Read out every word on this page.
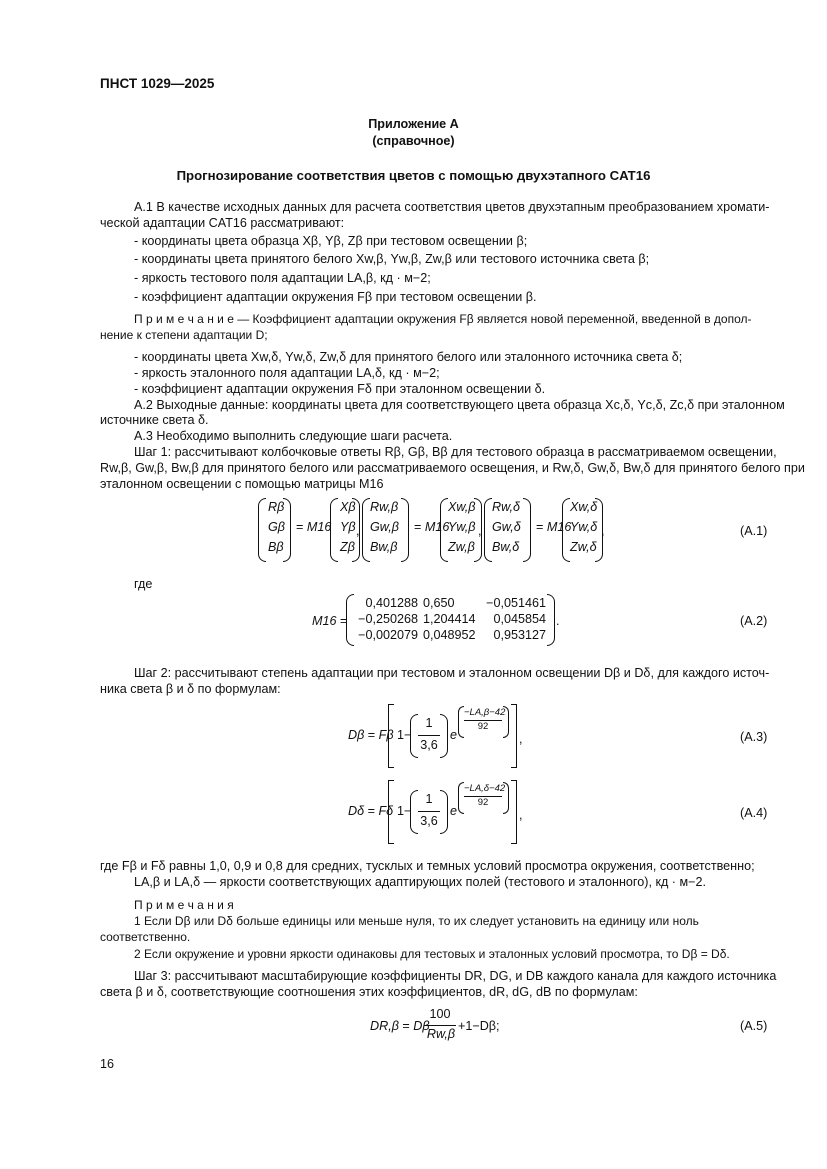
ПНСТ 1029—2025
Приложение А
(справочное)
Прогнозирование соответствия цветов с помощью двухэтапного CAT16
А.1 В качестве исходных данных для расчета соответствия цветов двухэтапным преобразованием хромати-
ческой адаптации CAT16 рассматривают:
- координаты цвета образца Xβ, Yβ, Zβ при тестовом освещении β;
- координаты цвета принятого белого Xw,β, Yw,β, Zw,β или тестового источника света β;
- яркость тестового поля адаптации LA,β, кд · м−2;
- коэффициент адаптации окружения Fβ при тестовом освещении β.
П р и м е ч а н и е — Коэффициент адаптации окружения Fβ является новой переменной, введенной в допол-
нение к степени адаптации D;
- координаты цвета Xw,δ, Yw,δ, Zw,δ для принятого белого или эталонного источника света δ;
- яркость эталонного поля адаптации LA,δ, кд · м−2;
- коэффициент адаптации окружения Fδ при эталонном освещении δ.
А.2 Выходные данные: координаты цвета для соответствующего цвета образца Xc,δ, Yc,δ, Zc,δ при эталонном
источнике света δ.
А.3 Необходимо выполнить следующие шаги расчета.
Шаг 1: рассчитывают колбочковые ответы Rβ, Gβ, Bβ для тестового образца в рассматриваемом освещении,
Rw,β, Gw,β, Bw,β для принятого белого или рассматриваемого освещения, и Rw,δ, Gw,δ, Bw,δ для принятого белого при
эталонном освещении с помощью матрицы M16
Rβ
Gβ
Bβ
= M16
Xβ
Yβ
Zβ
,
Rw,β
Gw,β
Bw,β
= M16
Xw,β
Yw,β
Zw,β
,
Rw,δ
Gw,δ
Bw,δ
= M16
Xw,δ
Yw,δ
Zw,δ
,	(A.1)
где
M16 =
0,401288 0,650	−0,051461
−0,250268 1,204414	0,045854
−0,002079 0,048952	0,953127
.	(A.2)
Шаг 2: рассчитывают степень адаптации при тестовом и эталонном освещении Dβ и Dδ, для каждого источ-
ника света β и δ по формулам:
Dβ = Fβ 1−
1
3,6
e
−LA,β−42
92
,	(A.3)
Dδ = Fδ 1−
1
3,6
e
−LA,δ−42
92
,	(A.4)
где Fβ и Fδ равны 1,0, 0,9 и 0,8 для средних, тусклых и темных условий просмотра окружения, соответственно;
LA,β и LA,δ — яркости соответствующих адаптирующих полей (тестового и эталонного), кд · м−2.
П р и м е ч а н и я
1 Если Dβ или Dδ больше единицы или меньше нуля, то их следует установить на единицу или ноль
соответственно.
2 Если окружение и уровни яркости одинаковы для тестовых и эталонных условий просмотра, то Dβ = Dδ.
Шаг 3: рассчитывают масштабирующие коэффициенты DR, DG, и DB каждого канала для каждого источника
света β и δ, соответствующие соотношения этих коэффициентов, dR, dG, dB по формулам:
DR,β = Dβ
100
Rw,β
+1−Dβ;	(A.5)
16
